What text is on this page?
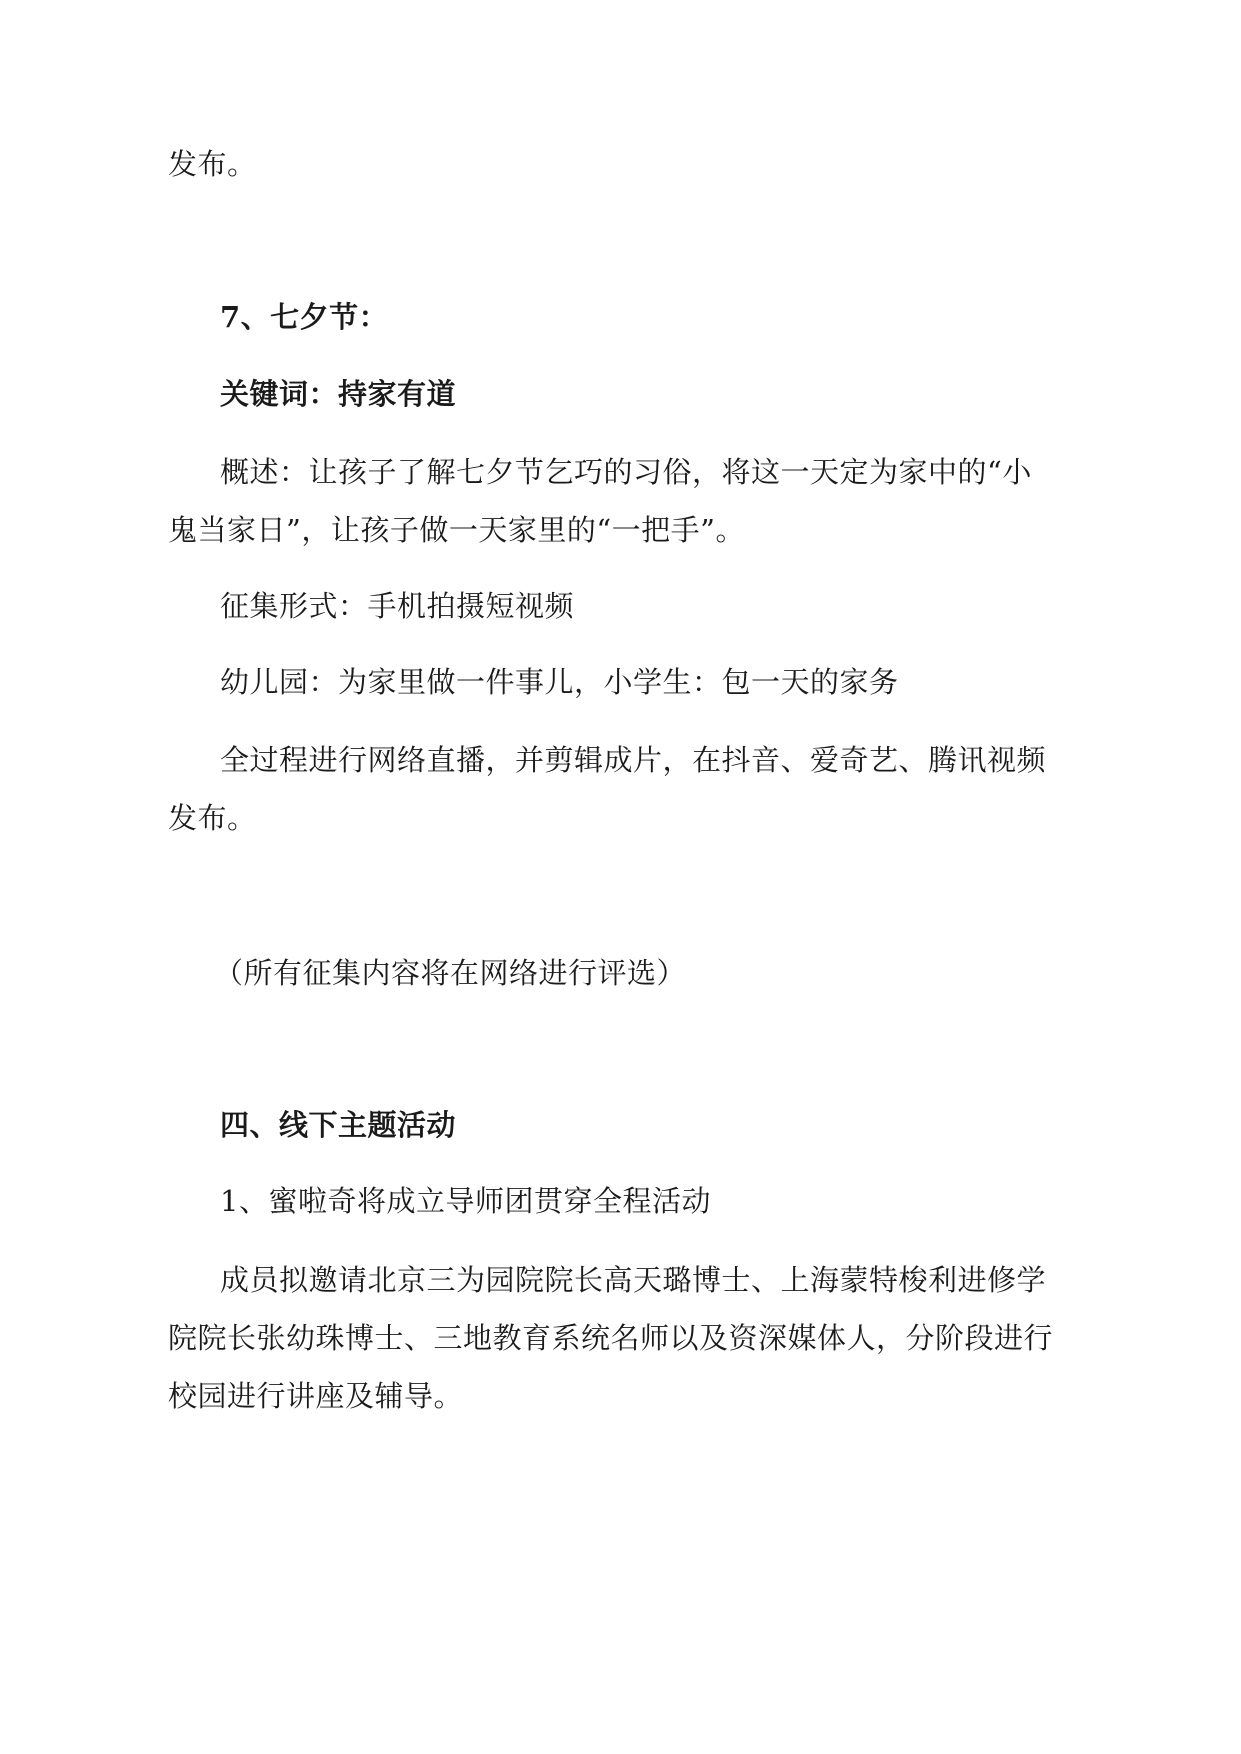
发布。
7、七夕节：
关键词：持家有道
概述：让孩子了解七夕节乞巧的习俗，将这一天定为家中的“小
鬼当家日”，让孩子做一天家里的“一把手”。
征集形式：手机拍摄短视频
幼儿园：为家里做一件事儿，小学生：包一天的家务
全过程进行网络直播，并剪辑成片，在抖音、爱奇艺、腾讯视频
发布。
（所有征集内容将在网络进行评选）
四、线下主题活动
1、蜜啦奇将成立导师团贯穿全程活动
成员拟邀请北京三为园院院长高天璐博士、上海蒙特梭利进修学
院院长张幼珠博士、三地教育系统名师以及资深媒体人，分阶段进行
校园进行讲座及辅导。
